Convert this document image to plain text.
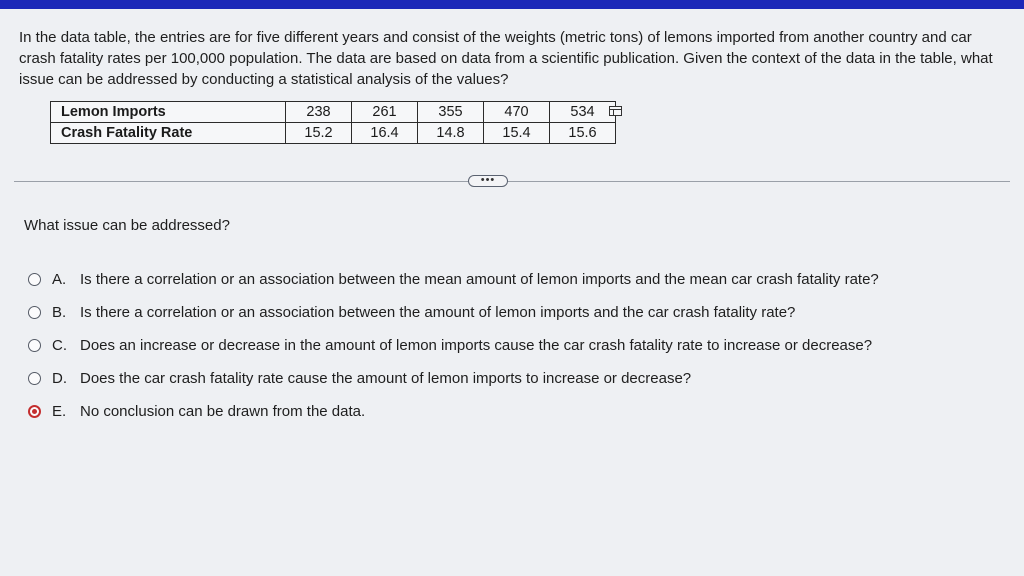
In the data table, the entries are for five different years and consist of the weights (metric tons) of lemons imported from another country and car crash fatality rates per 100,000 population. The data are based on data from a scientific publication. Given the context of the data in the table, what issue can be addressed by conducting a statistical analysis of the values?

Lemon Imports	238	261	355	470	534
Crash Fatality Rate	15.2	16.4	14.8	15.4	15.6
•••
What issue can be addressed?
A. Is there a correlation or an association between the mean amount of lemon imports and the mean car crash fatality rate?
B. Is there a correlation or an association between the amount of lemon imports and the car crash fatality rate?
C. Does an increase or decrease in the amount of lemon imports cause the car crash fatality rate to increase or decrease?
D. Does the car crash fatality rate cause the amount of lemon imports to increase or decrease?
E. No conclusion can be drawn from the data.
